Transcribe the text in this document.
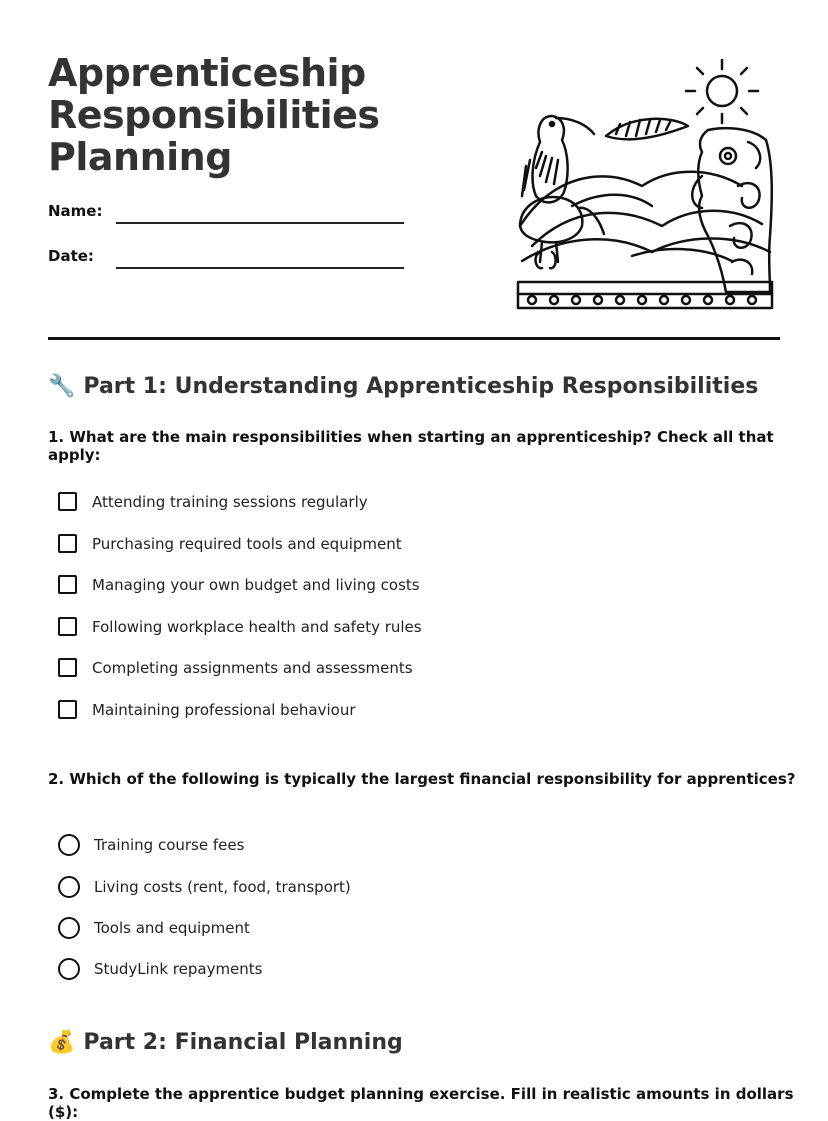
Apprenticeship
Responsibilities
Planning
Name:
Date:
🔧 Part 1: Understanding Apprenticeship Responsibilities
1. What are the main responsibilities when starting an apprenticeship? Check all that apply:
Attending training sessions regularly
Purchasing required tools and equipment
Managing your own budget and living costs
Following workplace health and safety rules
Completing assignments and assessments
Maintaining professional behaviour
2. Which of the following is typically the largest financial responsibility for apprentices?
Training course fees
Living costs (rent, food, transport)
Tools and equipment
StudyLink repayments
💰 Part 2: Financial Planning
3. Complete the apprentice budget planning exercise. Fill in realistic amounts in dollars ($):
